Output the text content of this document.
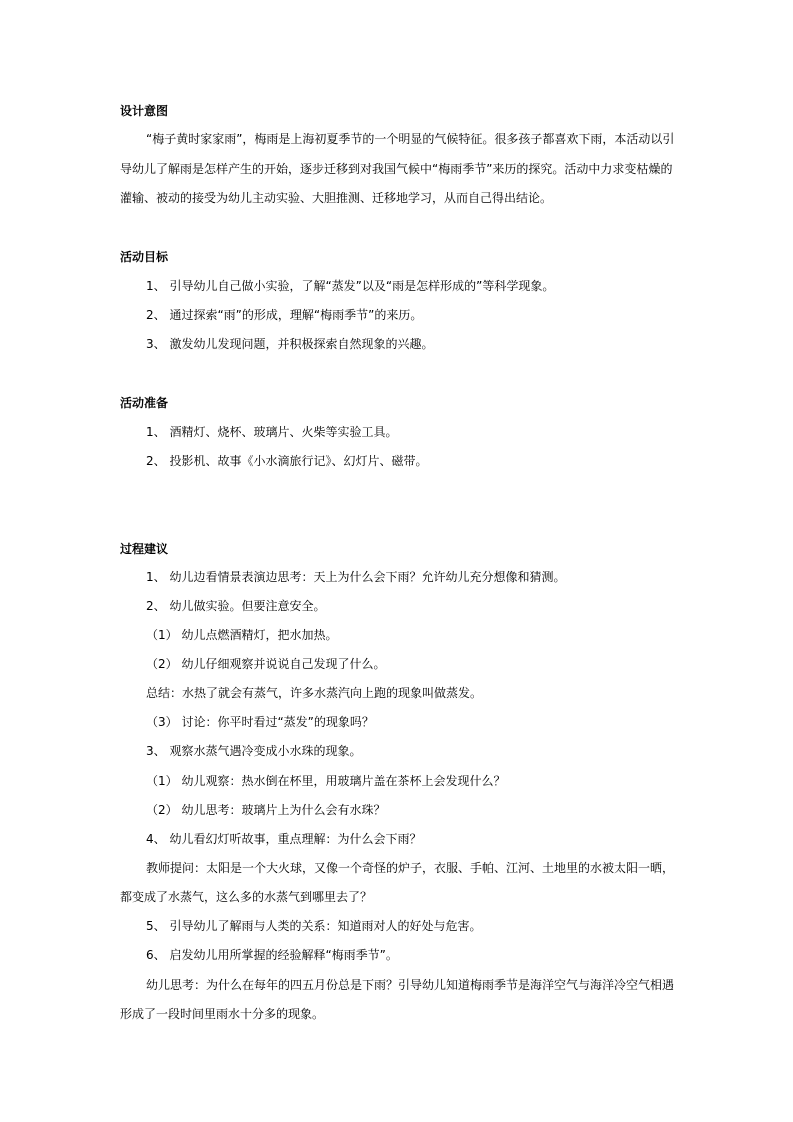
设计意图
“梅子黄时家家雨”，梅雨是上海初夏季节的一个明显的气候特征。很多孩子都喜欢下雨，本活动以引
导幼儿了解雨是怎样产生的开始，逐步迁移到对我国气候中“梅雨季节”来历的探究。活动中力求变枯燥的
灌输、被动的接受为幼儿主动实验、大胆推测、迁移地学习，从而自己得出结论。
活动目标
1、 引导幼儿自己做小实验，了解“蒸发”以及“雨是怎样形成的”等科学现象。
2、 通过探索“雨”的形成，理解“梅雨季节”的来历。
3、 激发幼儿发现问题，并积极探索自然现象的兴趣。
活动准备
1、 酒精灯、烧杯、玻璃片、火柴等实验工具。
2、 投影机、故事《小水滴旅行记》、幻灯片、磁带。
过程建议
1、 幼儿边看情景表演边思考：天上为什么会下雨？允许幼儿充分想像和猜测。
2、 幼儿做实验。但要注意安全。
（1） 幼儿点燃酒精灯，把水加热。
（2） 幼儿仔细观察并说说自己发现了什么。
总结：水热了就会有蒸气，许多水蒸汽向上跑的现象叫做蒸发。
（3） 讨论：你平时看过“蒸发”的现象吗？
3、 观察水蒸气遇冷变成小水珠的现象。
（1） 幼儿观察：热水倒在杯里，用玻璃片盖在茶杯上会发现什么？
（2） 幼儿思考：玻璃片上为什么会有水珠？
4、 幼儿看幻灯听故事，重点理解：为什么会下雨？
教师提问：太阳是一个大火球，又像一个奇怪的炉子，衣服、手帕、江河、土地里的水被太阳一晒，
都变成了水蒸气，这么多的水蒸气到哪里去了？
5、 引导幼儿了解雨与人类的关系：知道雨对人的好处与危害。
6、 启发幼儿用所掌握的经验解释“梅雨季节”。
幼儿思考：为什么在每年的四五月份总是下雨？引导幼儿知道梅雨季节是海洋空气与海洋冷空气相遇
形成了一段时间里雨水十分多的现象。
